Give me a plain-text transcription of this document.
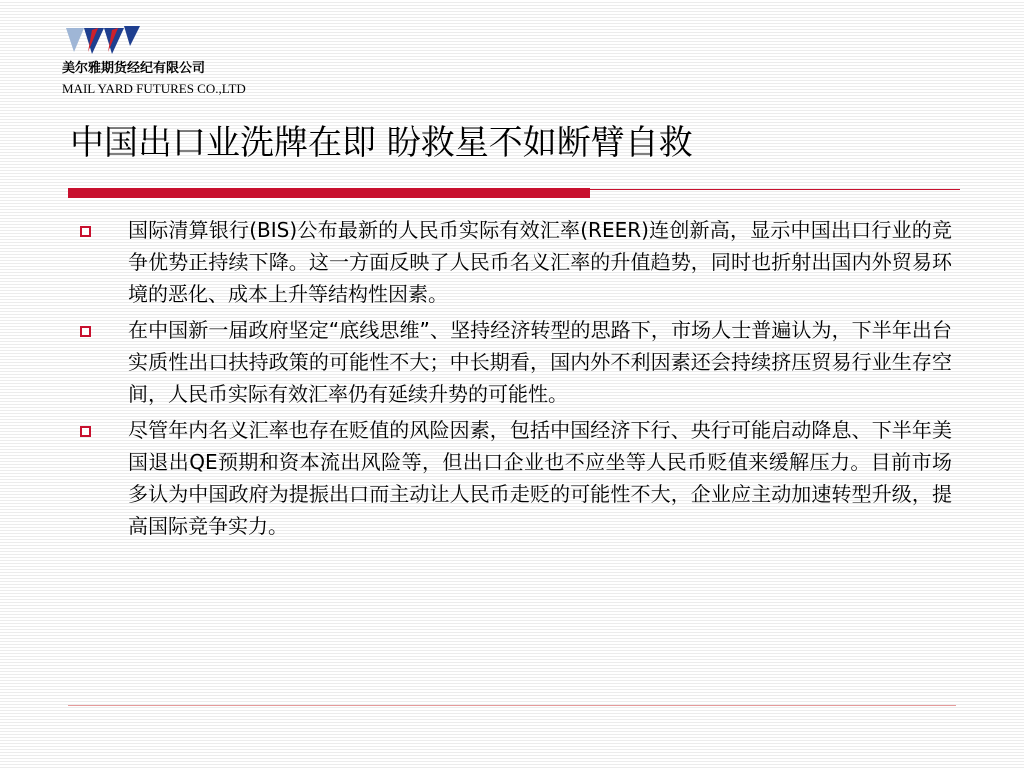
美尔雅期货经纪有限公司
MAIL YARD FUTURES CO.,LTD
中国出口业洗牌在即 盼救星不如断臂自救
国际清算银行(BIS)公布最新的人民币实际有效汇率(REER)连创新高，显示中国出口行业的竞争优势正持续下降。这一方面反映了人民币名义汇率的升值趋势，同时也折射出国内外贸易环境的恶化、成本上升等结构性因素。
在中国新一届政府坚定“底线思维”、坚持经济转型的思路下，市场人士普遍认为，下半年出台实质性出口扶持政策的可能性不大；中长期看，国内外不利因素还会持续挤压贸易行业生存空间，人民币实际有效汇率仍有延续升势的可能性。
尽管年内名义汇率也存在贬值的风险因素，包括中国经济下行、央行可能启动降息、下半年美国退出QE预期和资本流出风险等，但出口企业也不应坐等人民币贬值来缓解压力。目前市场多认为中国政府为提振出口而主动让人民币走贬的可能性不大，企业应主动加速转型升级，提高国际竞争实力。
